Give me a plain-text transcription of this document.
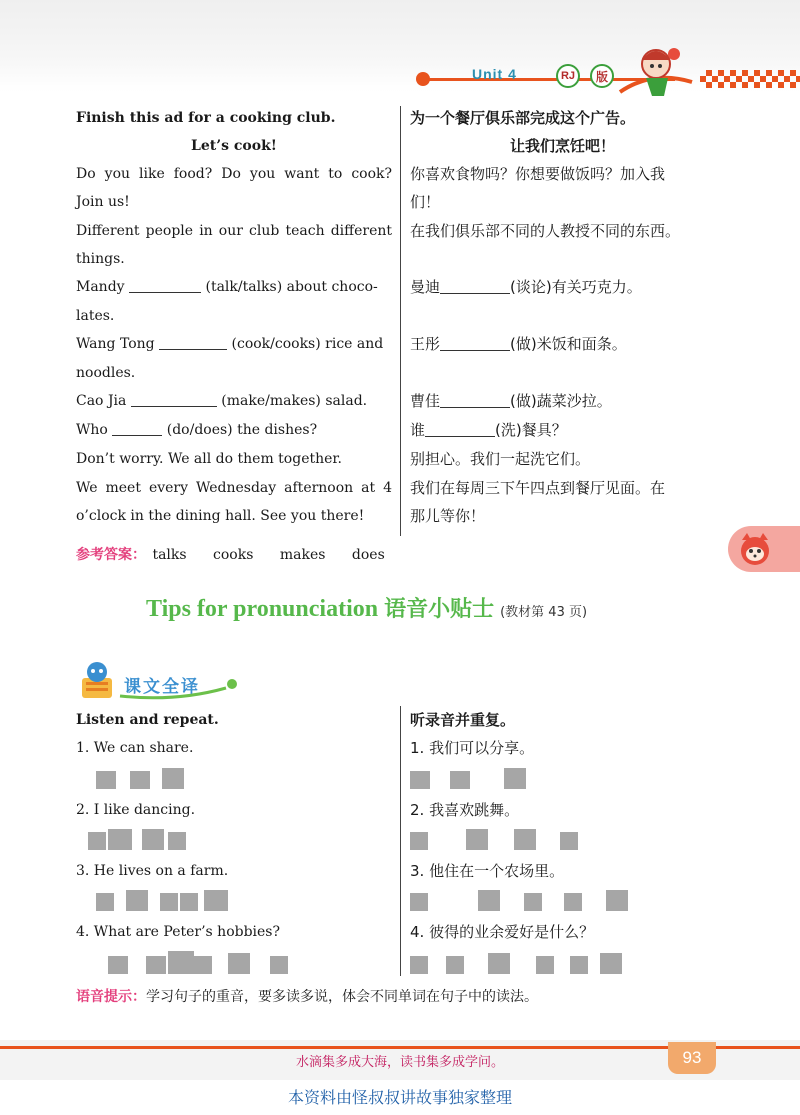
Unit 4	RJ	版
Finish this ad for a cooking club.
Let’s cook!
Do you like food? Do you want to cook?
Join us!
Different people in our club teach different
things.
Mandy	(talk/talks) about choco-
lates.
Wang Tong	(cook/cooks) rice and
noodles.
Cao Jia	(make/makes) salad.
Who	(do/does) the dishes?
Don’t worry. We all do them together.
We meet every Wednesday afternoon at 4
o’clock in the dining hall. See you there!
为一个餐厅俱乐部完成这个广告。
让我们烹饪吧！
你喜欢食物吗？你想要做饭吗？加入我
们！
在我们俱乐部不同的人教授不同的东西。
曼迪	(谈论)有关巧克力。
王彤	(做)米饭和面条。
曹佳	(做)蔬菜沙拉。
谁	(洗)餐具？
别担心。我们一起洗它们。
我们在每周三下午四点到餐厅见面。在
那儿等你！
参考答案： talks cooks makes does
Tips for pronunciation 语音小贴士 (教材第 43 页)
课文全译
Listen and repeat.	听录音并重复。
1. We can share.	1. 我们可以分享。
2. I like dancing.	2. 我喜欢跳舞。
3. He lives on a farm.	3. 他住在一个农场里。
4. What are Peter’s hobbies?	4. 彼得的业余爱好是什么？
语音提示：学习句子的重音，要多读多说，体会不同单词在句子中的读法。
水滴集多成大海，读书集多成学问。	93
本资料由怪叔叔讲故事独家整理
